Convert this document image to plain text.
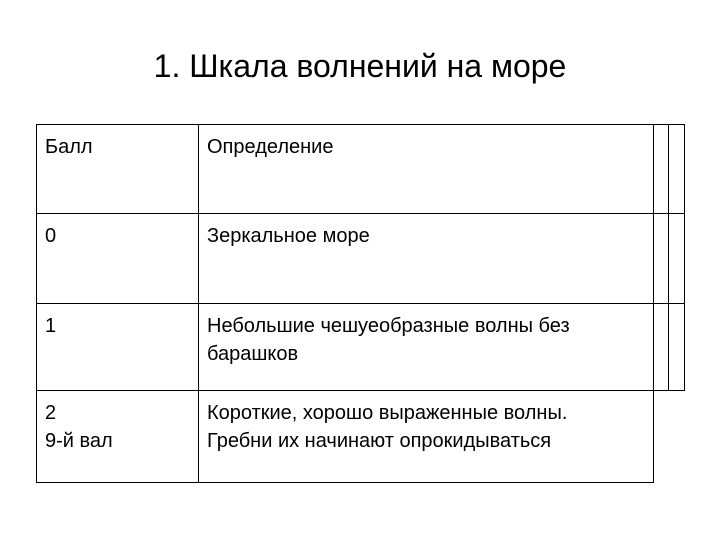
1. Шкала волнений на море
Балл	Определение		

0	Зеркальное море		

1	Небольшие чешуеобразные волны без
барашков		

2
9-й вал	Короткие, хорошо выраженные волны.
Гребни их начинают опрокидываться		
